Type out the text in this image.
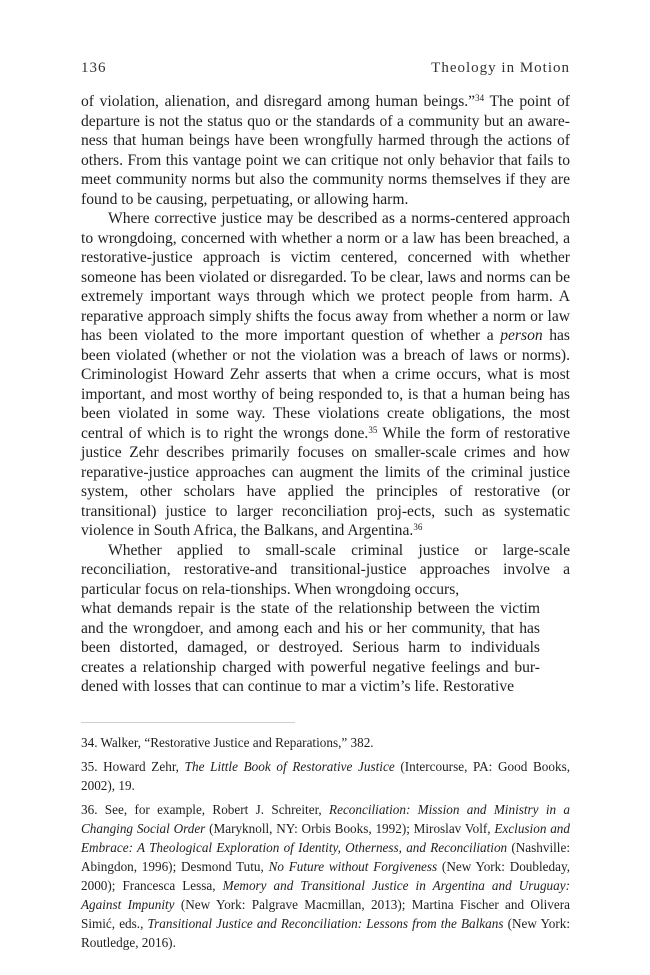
136	Theology in Motion

of violation, alienation, and disregard among human beings.”$^{34}$ The point of departure is not the status quo or the standards of a community but an aware-ness that human beings have been wrongfully harmed through the actions of others. From this vantage point we can critique not only behavior that fails to meet community norms but also the community norms themselves if they are found to be causing, perpetuating, or allowing harm.

Where corrective justice may be described as a norms-centered approach to wrongdoing, concerned with whether a norm or a law has been breached, a restorative-justice approach is victim centered, concerned with whether someone has been violated or disregarded. To be clear, laws and norms can be extremely important ways through which we protect people from harm. A reparative approach simply shifts the focus away from whether a norm or law has been violated to the more important question of whether a person has been violated (whether or not the violation was a breach of laws or norms). Criminologist Howard Zehr asserts that when a crime occurs, what is most important, and most worthy of being responded to, is that a human being has been violated in some way. These violations create obligations, the most central of which is to right the wrongs done.$^{35}$ While the form of restorative justice Zehr describes primarily focuses on smaller-scale crimes and how reparative-justice approaches can augment the limits of the criminal justice system, other scholars have applied the principles of restorative (or transitional) justice to larger reconciliation proj-ects, such as systematic violence in South Africa, the Balkans, and Argentina.$^{36}$

Whether applied to small-scale criminal justice or large-scale reconciliation, restorative-and transitional-justice approaches involve a particular focus on rela-tionships. When wrongdoing occurs,

what demands repair is the state of the relationship between the victim and the wrongdoer, and among each and his or her community, that has been distorted, damaged, or destroyed. Serious harm to individuals creates a relationship charged with powerful negative feelings and bur-dened with losses that can continue to mar a victim’s life. Restorative

34. Walker, “Restorative Justice and Reparations,” 382.

35. Howard Zehr, The Little Book of Restorative Justice (Intercourse, PA: Good Books, 2002), 19.

36. See, for example, Robert J. Schreiter, Reconciliation: Mission and Ministry in a Changing Social Order (Maryknoll, NY: Orbis Books, 1992); Miroslav Volf, Exclusion and Embrace: A Theological Exploration of Identity, Otherness, and Reconciliation (Nashville: Abingdon, 1996); Desmond Tutu, No Future without Forgiveness (New York: Doubleday, 2000); Francesca Lessa, Memory and Transitional Justice in Argentina and Uruguay: Against Impunity (New York: Palgrave Macmillan, 2013); Martina Fischer and Olivera Simić, eds., Transitional Justice and Reconciliation: Lessons from the Balkans (New York: Routledge, 2016).
